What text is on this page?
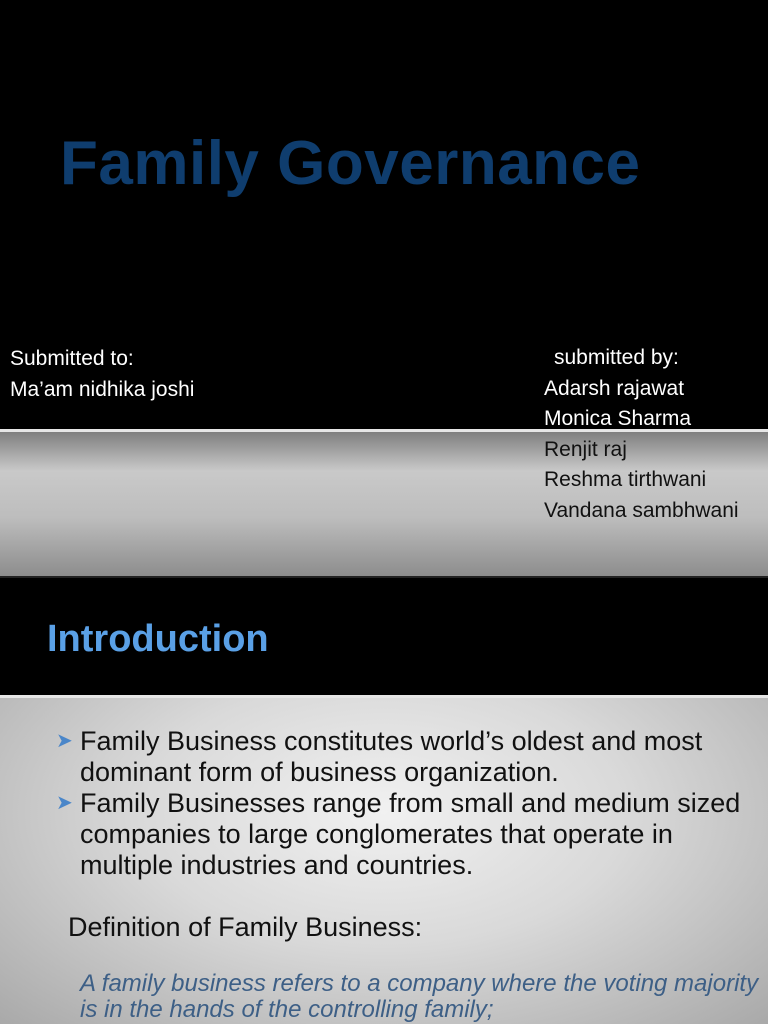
Family Governance
Submitted to:
Ma’am nidhika joshi
submitted by:
Adarsh rajawat
Monica Sharma
Renjit raj
Reshma tirthwani
Vandana sambhwani
Introduction
➤ Family Business constitutes world’s oldest and most dominant form of business organization.
➤ Family Businesses range from small and medium sized companies to large conglomerates that operate in multiple industries and countries.
Definition of Family Business:
A family business refers to a company where the voting majority is in the hands of the controlling family;
